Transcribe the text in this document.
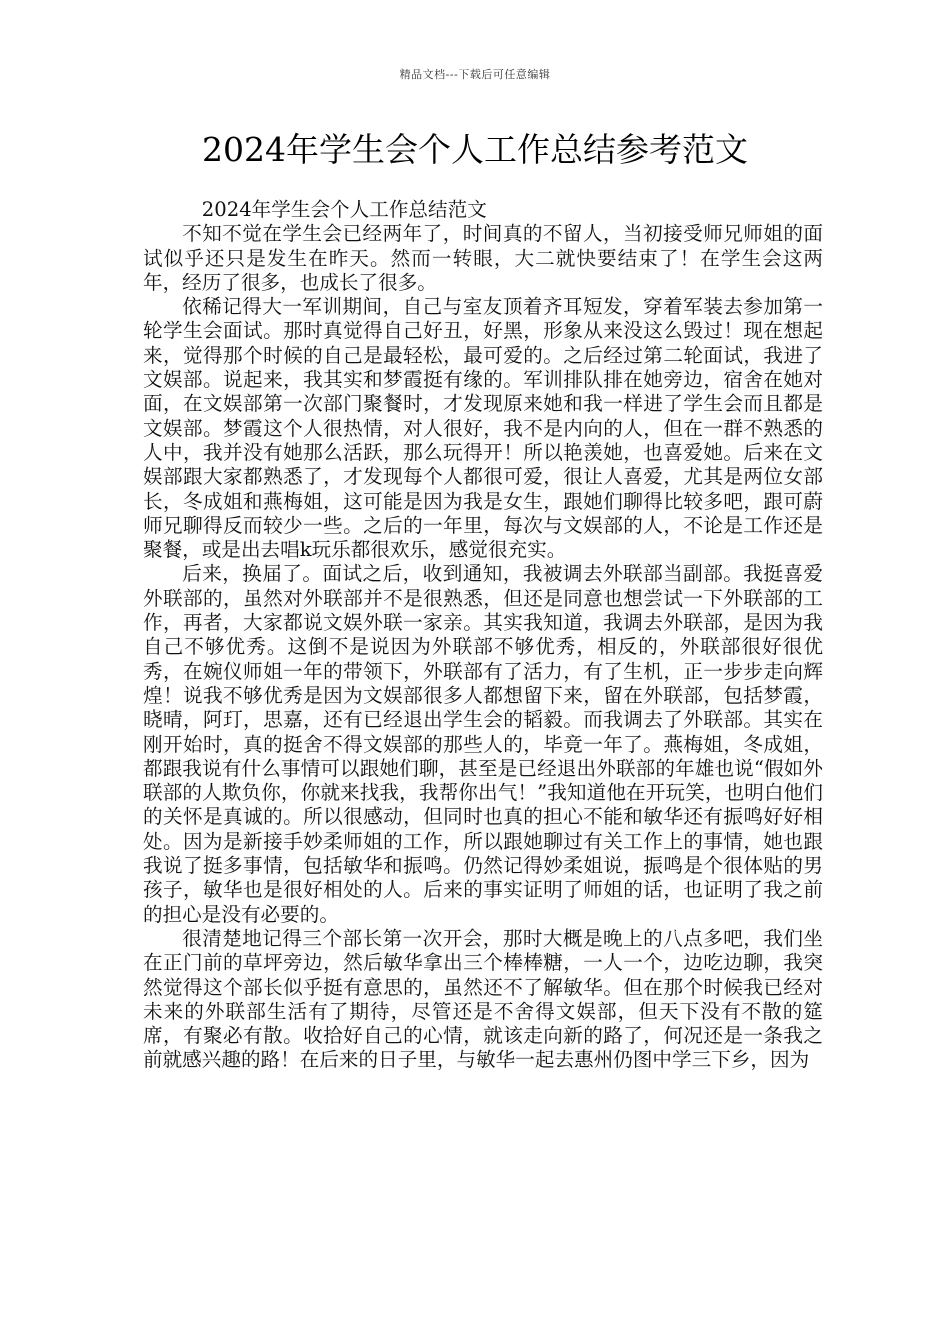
精品文档---下载后可任意编辑
2024年学生会个人工作总结参考范文

2024年学生会个人工作总结范文

不知不觉在学生会已经两年了，时间真的不留人，当初接受师兄师姐的面试似乎还只是发生在昨天。然而一转眼，大二就快要结束了！在学生会这两年，经历了很多，也成长了很多。

依稀记得大一军训期间，自己与室友顶着齐耳短发，穿着军装去参加第一轮学生会面试。那时真觉得自己好丑，好黑，形象从来没这么毁过！现在想起来，觉得那个时候的自己是最轻松，最可爱的。之后经过第二轮面试，我进了文娱部。说起来，我其实和梦霞挺有缘的。军训排队排在她旁边，宿舍在她对面，在文娱部第一次部门聚餐时，才发现原来她和我一样进了学生会而且都是文娱部。梦霞这个人很热情，对人很好，我不是内向的人，但在一群不熟悉的人中，我并没有她那么活跃，那么玩得开！所以艳羡她，也喜爱她。后来在文娱部跟大家都熟悉了，才发现每个人都很可爱，很让人喜爱，尤其是两位女部长，冬成姐和燕梅姐，这可能是因为我是女生，跟她们聊得比较多吧，跟可蔚师兄聊得反而较少一些。之后的一年里，每次与文娱部的人，不论是工作还是聚餐，或是出去唱k玩乐都很欢乐，感觉很充实。

后来，换届了。面试之后，收到通知，我被调去外联部当副部。我挺喜爱外联部的，虽然对外联部并不是很熟悉，但还是同意也想尝试一下外联部的工作，再者，大家都说文娱外联一家亲。其实我知道，我调去外联部，是因为我自己不够优秀。这倒不是说因为外联部不够优秀，相反的，外联部很好很优秀，在婉仪师姐一年的带领下，外联部有了活力，有了生机，正一步步走向辉煌！说我不够优秀是因为文娱部很多人都想留下来，留在外联部，包括梦霞，晓晴，阿玎，思嘉，还有已经退出学生会的韬毅。而我调去了外联部。其实在刚开始时，真的挺舍不得文娱部的那些人的，毕竟一年了。燕梅姐，冬成姐，都跟我说有什么事情可以跟她们聊，甚至是已经退出外联部的年雄也说“假如外联部的人欺负你，你就来找我，我帮你出气！”我知道他在开玩笑，也明白他们的关怀是真诚的。所以很感动，但同时也真的担心不能和敏华还有振鸣好好相处。因为是新接手妙柔师姐的工作，所以跟她聊过有关工作上的事情，她也跟我说了挺多事情，包括敏华和振鸣。仍然记得妙柔姐说，振鸣是个很体贴的男孩子，敏华也是很好相处的人。后来的事实证明了师姐的话，也证明了我之前的担心是没有必要的。

很清楚地记得三个部长第一次开会，那时大概是晚上的八点多吧，我们坐在正门前的草坪旁边，然后敏华拿出三个棒棒糖，一人一个，边吃边聊，我突然觉得这个部长似乎挺有意思的，虽然还不了解敏华。但在那个时候我已经对未来的外联部生活有了期待，尽管还是不舍得文娱部，但天下没有不散的筵席，有聚必有散。收拾好自己的心情，就该走向新的路了，何况还是一条我之前就感兴趣的路！在后来的日子里，与敏华一起去惠州仍图中学三下乡，因为
